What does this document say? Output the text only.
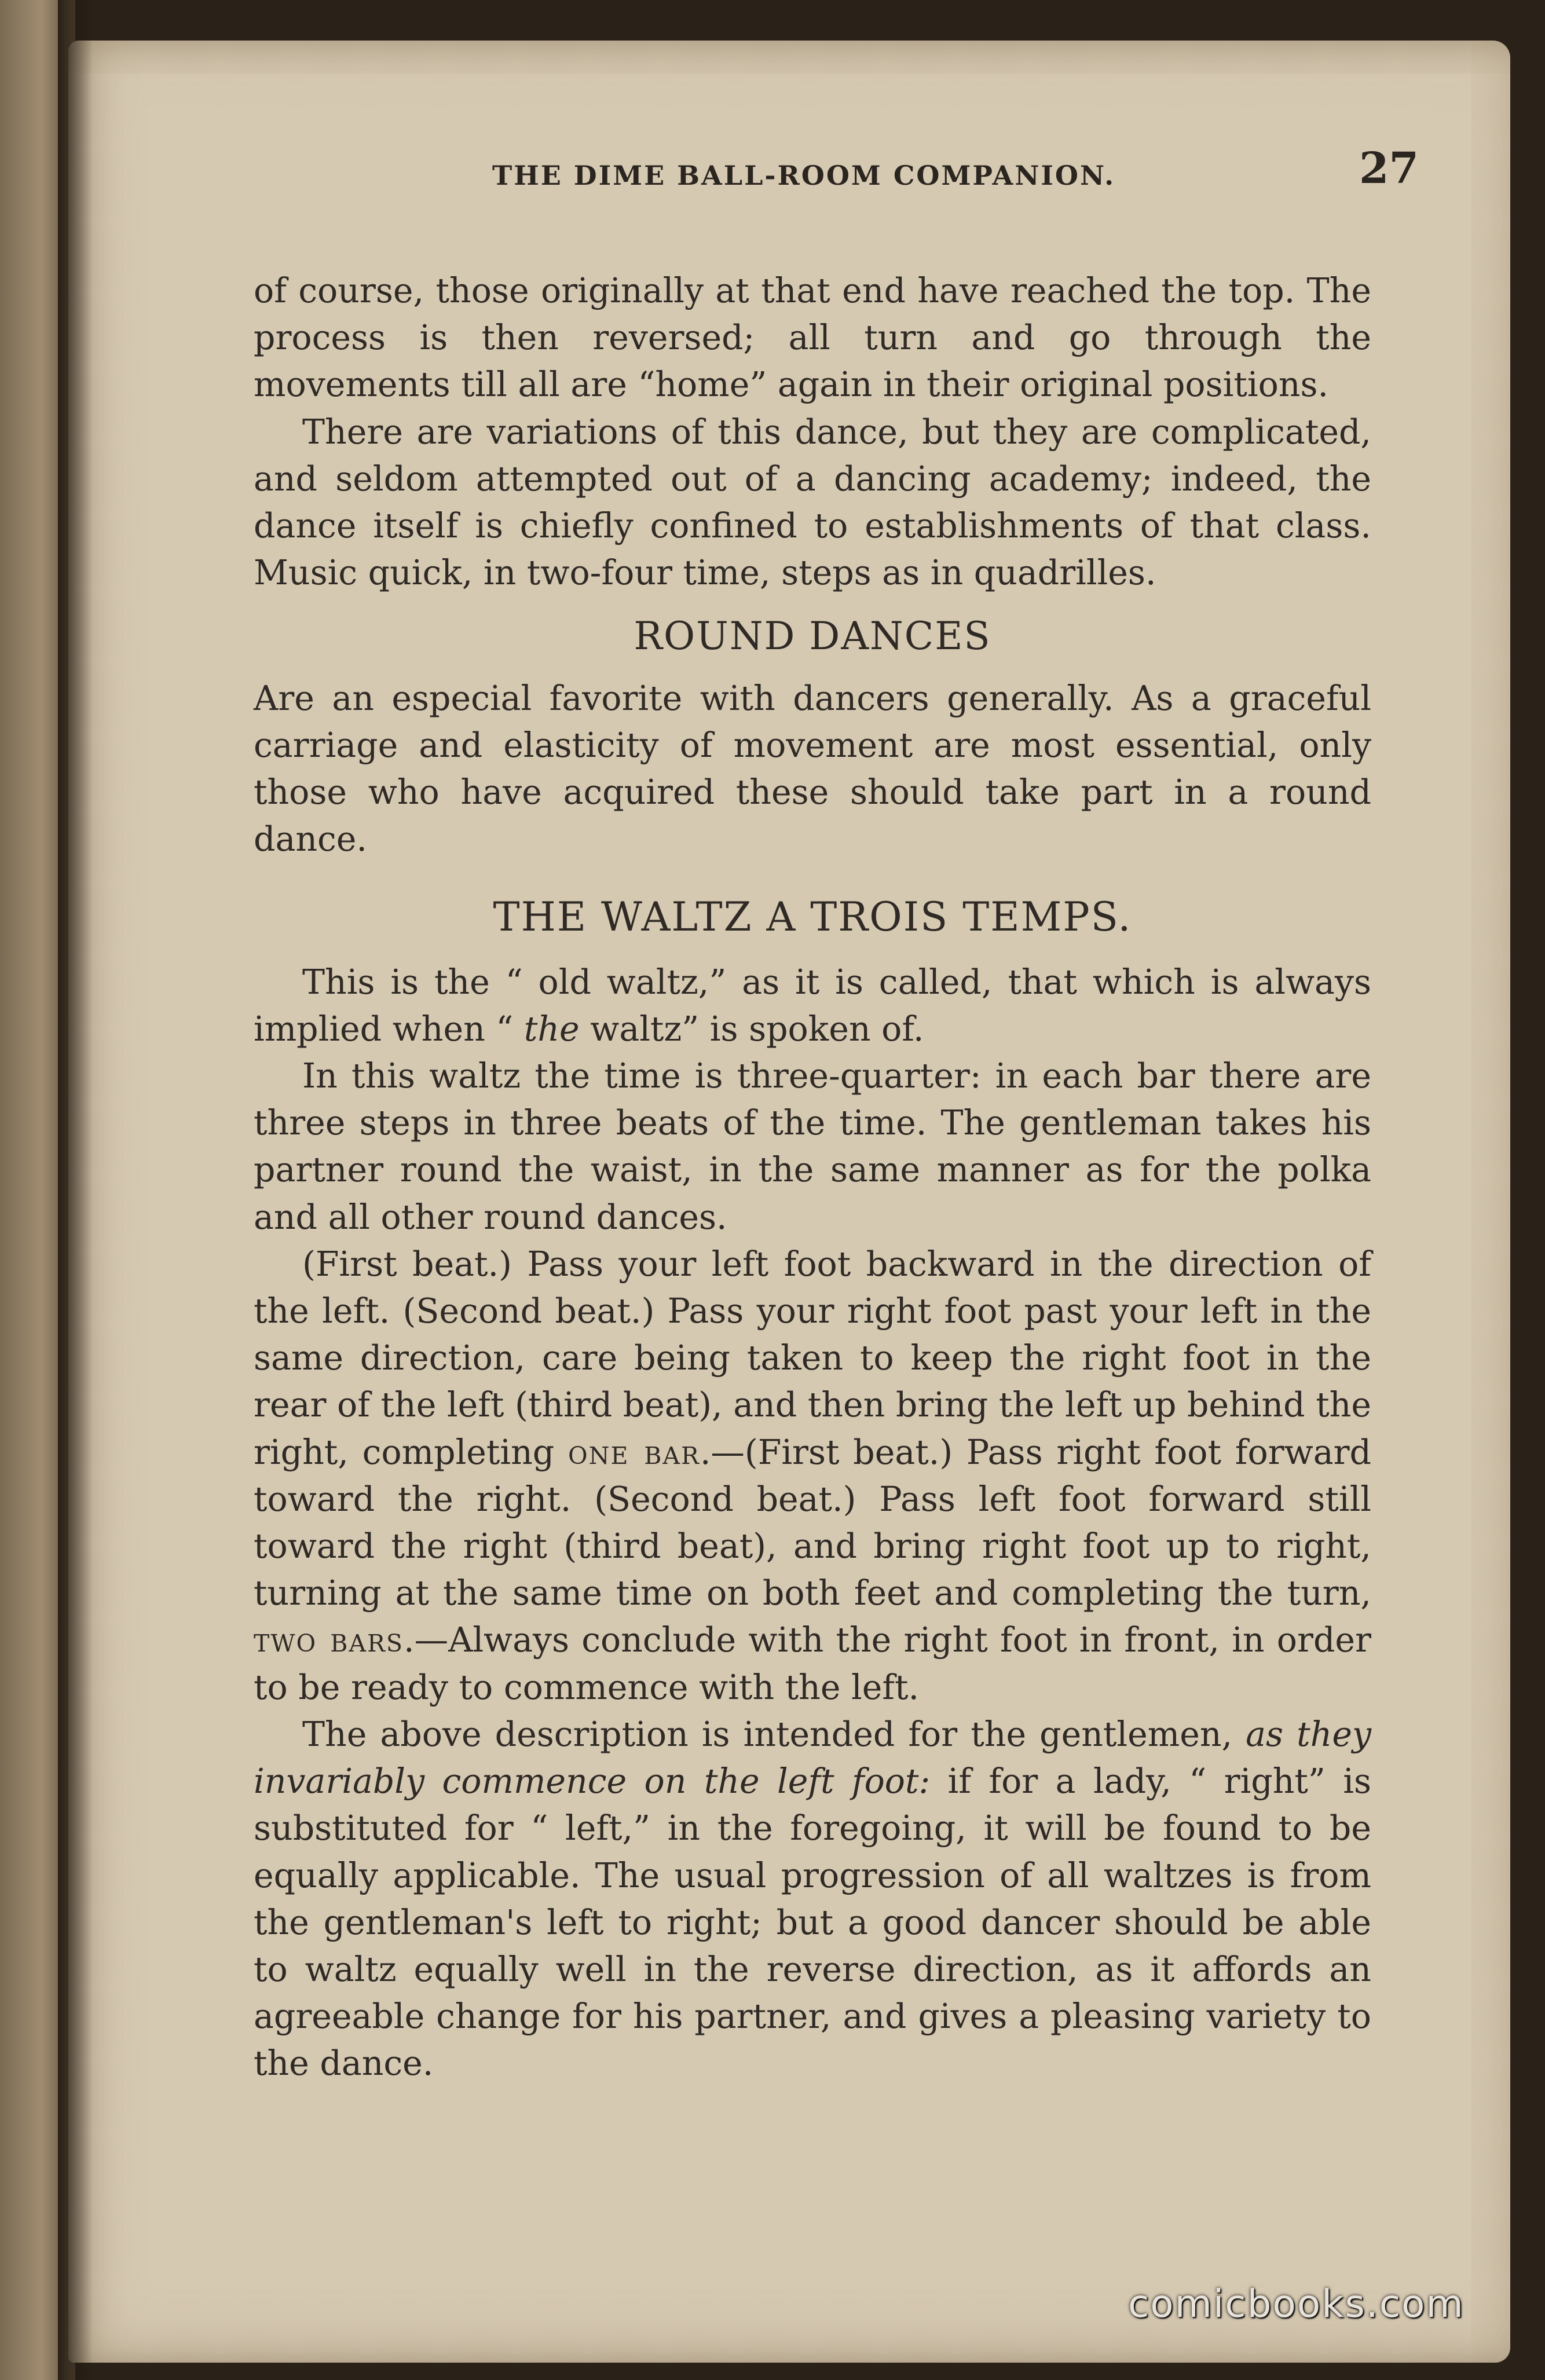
THE DIME BALL-ROOM COMPANION.	27

of course, those originally at that end have reached the top. The process is then reversed; all turn and go through the movements till all are “home” again in their original positions.

There are variations of this dance, but they are complicated, and seldom attempted out of a dancing academy; indeed, the dance itself is chiefly confined to establishments of that class. Music quick, in two-four time, steps as in quadrilles.

ROUND DANCES

Are an especial favorite with dancers generally. As a graceful carriage and elasticity of movement are most essential, only those who have acquired these should take part in a round dance.

THE WALTZ A TROIS TEMPS.

This is the “ old waltz,” as it is called, that which is always implied when “ the waltz” is spoken of.

In this waltz the time is three-quarter: in each bar there are three steps in three beats of the time. The gentleman takes his partner round the waist, in the same manner as for the polka and all other round dances.

(First beat.) Pass your left foot backward in the direction of the left. (Second beat.) Pass your right foot past your left in the same direction, care being taken to keep the right foot in the rear of the left (third beat), and then bring the left up behind the right, completing one bar.—(First beat.) Pass right foot forward toward the right. (Second beat.) Pass left foot forward still toward the right (third beat), and bring right foot up to right, turning at the same time on both feet and completing the turn, two bars.—Always conclude with the right foot in front, in order to be ready to commence with the left.

The above description is intended for the gentlemen, as they invariably commence on the left foot: if for a lady, “ right” is substituted for “ left,” in the foregoing, it will be found to be equally applicable. The usual progression of all waltzes is from the gentleman's left to right; but a good dancer should be able to waltz equally well in the reverse direction, as it affords an agreeable change for his partner, and gives a pleasing variety to the dance.

comicbooks.com
